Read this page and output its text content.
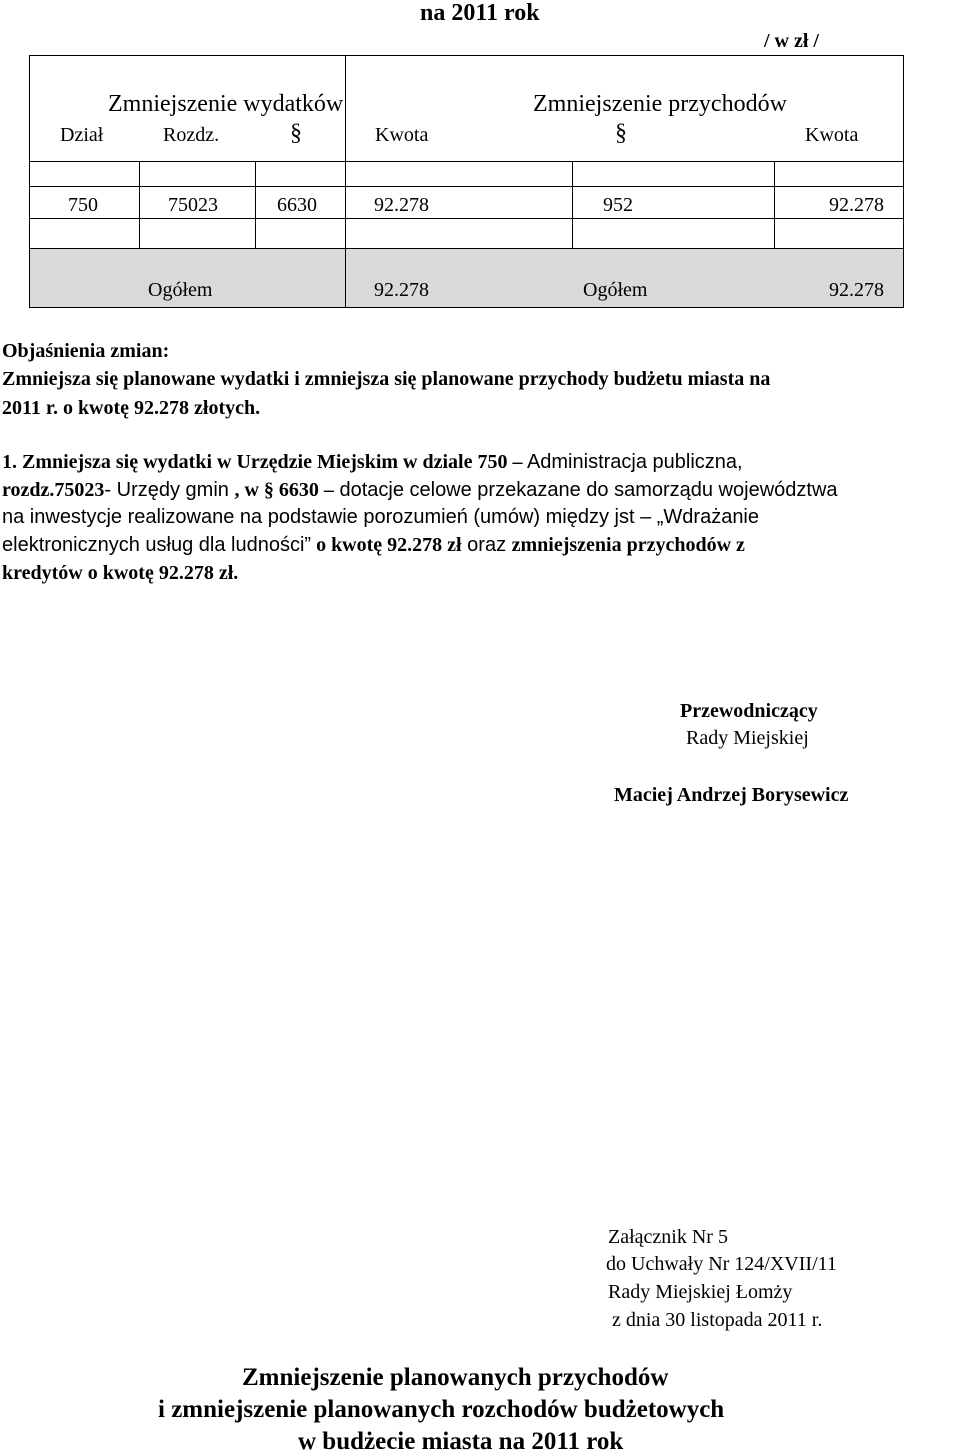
na 2011 rok
/ w zł /
Zmniejszenie wydatków	Zmniejszenie przychodów
Dział	Rozdz.	§	Kwota	§	Kwota
750	75023	6630	92.278	952	92.278
Ogółem	92.278	Ogółem	92.278
Objaśnienia zmian:
Zmniejsza się planowane wydatki i zmniejsza się planowane przychody budżetu miasta na
2011 r. o kwotę 92.278 złotych.
1. Zmniejsza się wydatki w Urzędzie Miejskim w dziale 750 – Administracja publiczna,
rozdz.75023- Urzędy gmin , w § 6630 – dotacje celowe przekazane do samorządu województwa
na inwestycje realizowane na podstawie porozumień (umów) między jst – „Wdrażanie
elektronicznych usług dla ludności” o kwotę 92.278 zł oraz zmniejszenia przychodów z
kredytów o kwotę 92.278 zł.
Przewodniczący
Rady Miejskiej
Maciej Andrzej Borysewicz
Załącznik Nr 5
do Uchwały Nr 124/XVII/11
Rady Miejskiej Łomży
z dnia 30 listopada 2011 r.
Zmniejszenie planowanych przychodów
i zmniejszenie planowanych rozchodów budżetowych
w budżecie miasta na 2011 rok
